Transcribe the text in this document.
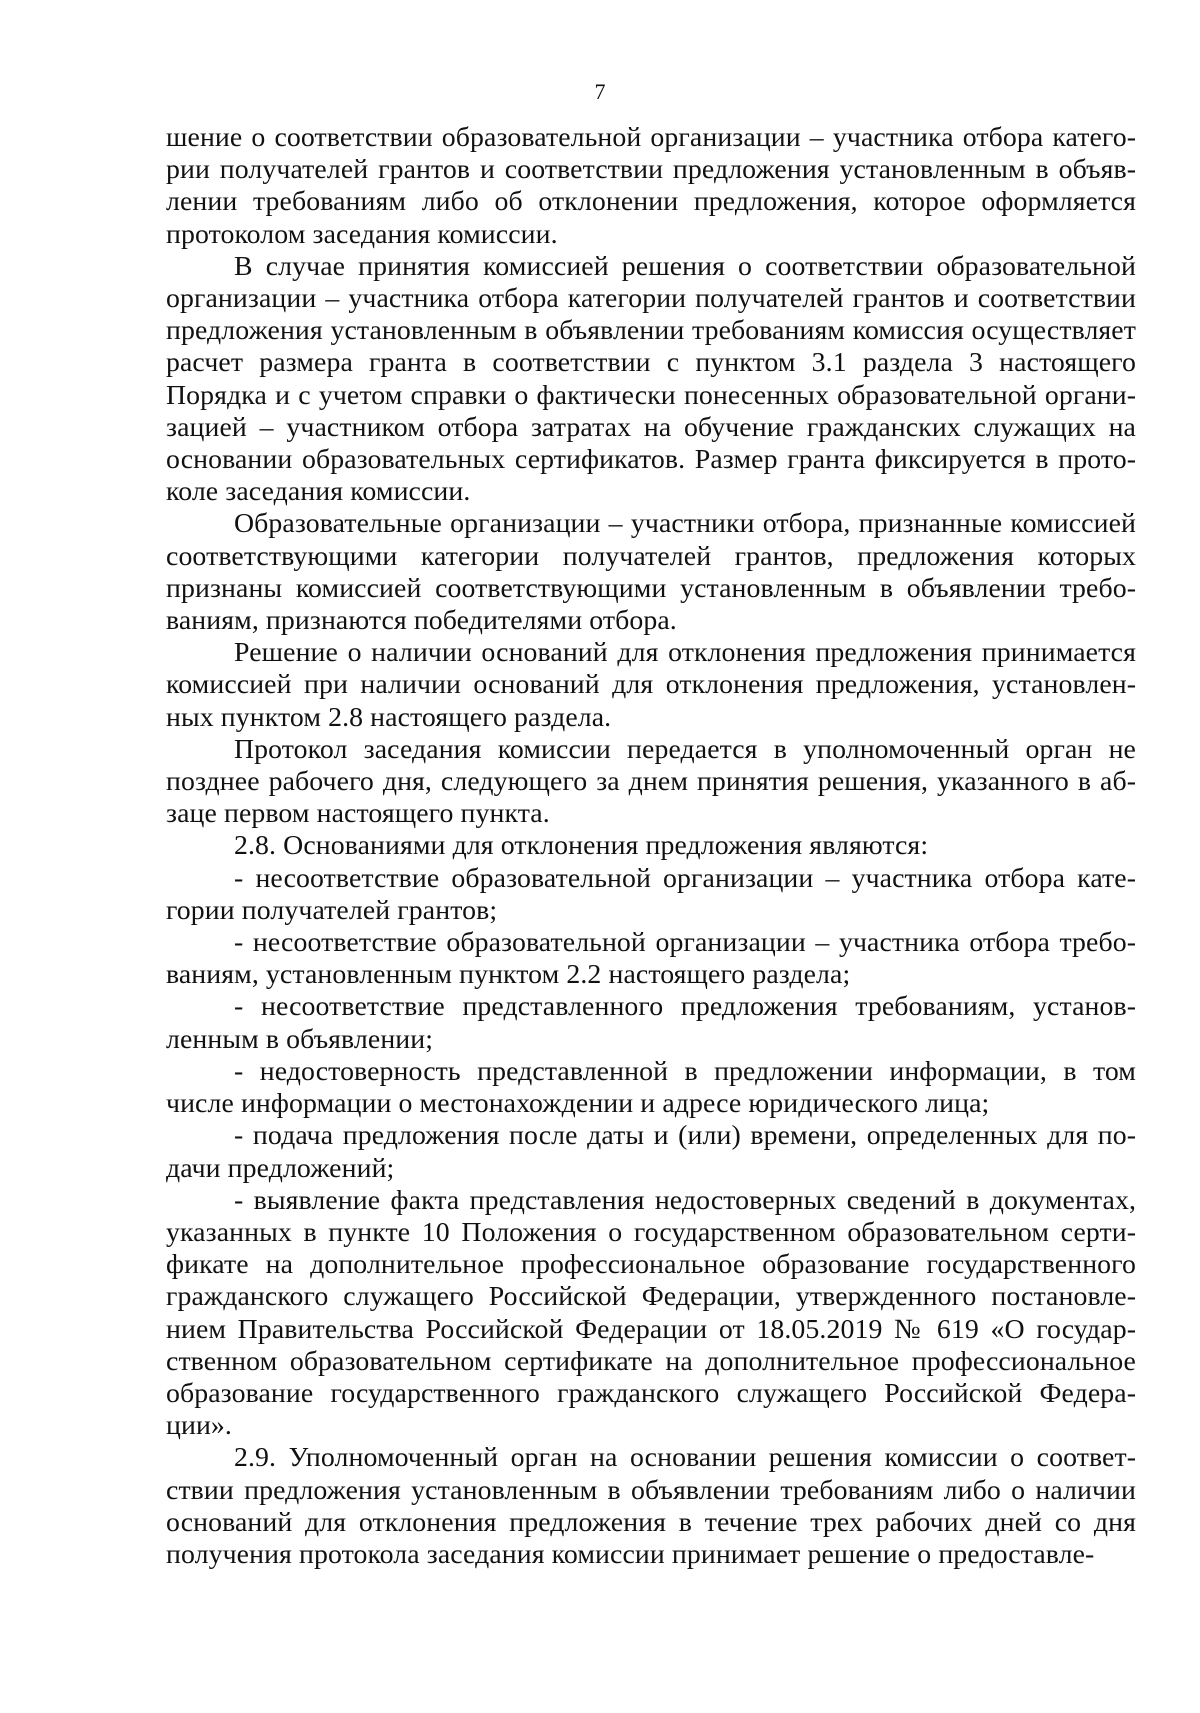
7

шение о соответствии образовательной организации – участника отбора категории получателей грантов и соответствии предложения установленным в объявлении требованиям либо об отклонении предложения, которое оформляется протоколом заседания комиссии.

В случае принятия комиссией решения о соответствии образовательной организации – участника отбора категории получателей грантов и соответствии предложения установленным в объявлении требованиям комиссия осуществляет расчет размера гранта в соответствии с пунктом 3.1 раздела 3 настоящего Порядка и с учетом справки о фактически понесенных образовательной организацией – участником отбора затратах на обучение гражданских служащих на основании образовательных сертификатов. Размер гранта фиксируется в протоколе заседания комиссии.

Образовательные организации – участники отбора, признанные комиссией соответствующими категории получателей грантов, предложения которых признаны комиссией соответствующими установленным в объявлении требованиям, признаются победителями отбора.

Решение о наличии оснований для отклонения предложения принимается комиссией при наличии оснований для отклонения предложения, установленных пунктом 2.8 настоящего раздела.

Протокол заседания комиссии передается в уполномоченный орган не позднее рабочего дня, следующего за днем принятия решения, указанного в абзаце первом настоящего пункта.

2.8. Основаниями для отклонения предложения являются:

- несоответствие образовательной организации – участника отбора категории получателей грантов;

- несоответствие образовательной организации – участника отбора требованиям, установленным пунктом 2.2 настоящего раздела;

- несоответствие представленного предложения требованиям, установленным в объявлении;

- недостоверность представленной в предложении информации, в том числе информации о местонахождении и адресе юридического лица;

- подача предложения после даты и (или) времени, определенных для подачи предложений;

- выявление факта представления недостоверных сведений в документах, указанных в пункте 10 Положения о государственном образовательном сертификате на дополнительное профессиональное образование государственного гражданского служащего Российской Федерации, утвержденного постановлением Правительства Российской Федерации от 18.05.2019 № 619 «О государственном образовательном сертификате на дополнительное профессиональное образование государственного гражданского служащего Российской Федерации».

2.9. Уполномоченный орган на основании решения комиссии о соответствии предложения установленным в объявлении требованиям либо о наличии оснований для отклонения предложения в течение трех рабочих дней со дня получения протокола заседания комиссии принимает решение о предоставле-
